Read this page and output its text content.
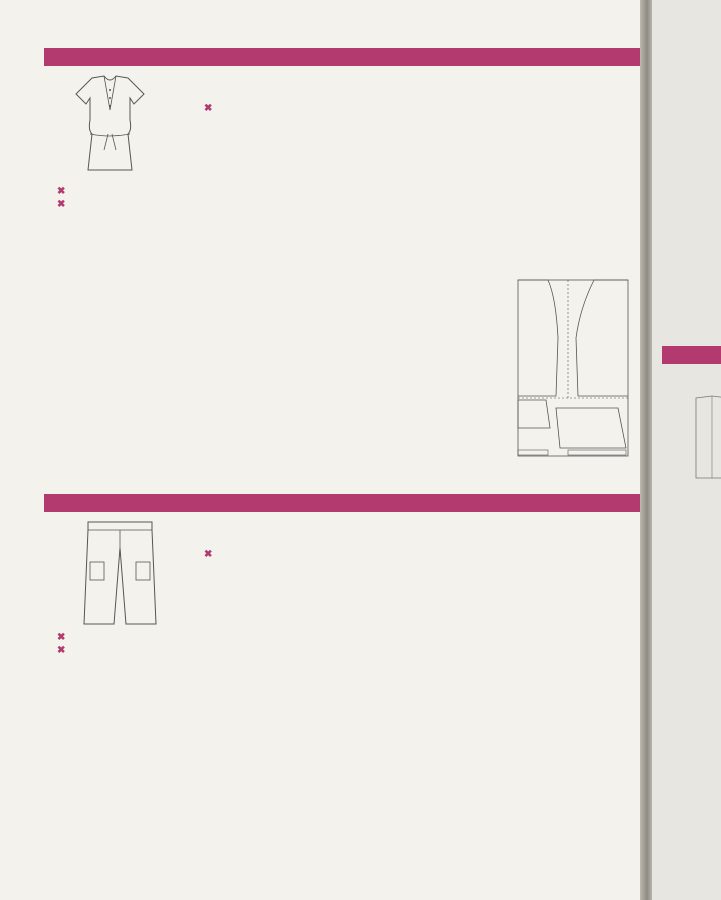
✖

✖

✖

✖

✖

✖
